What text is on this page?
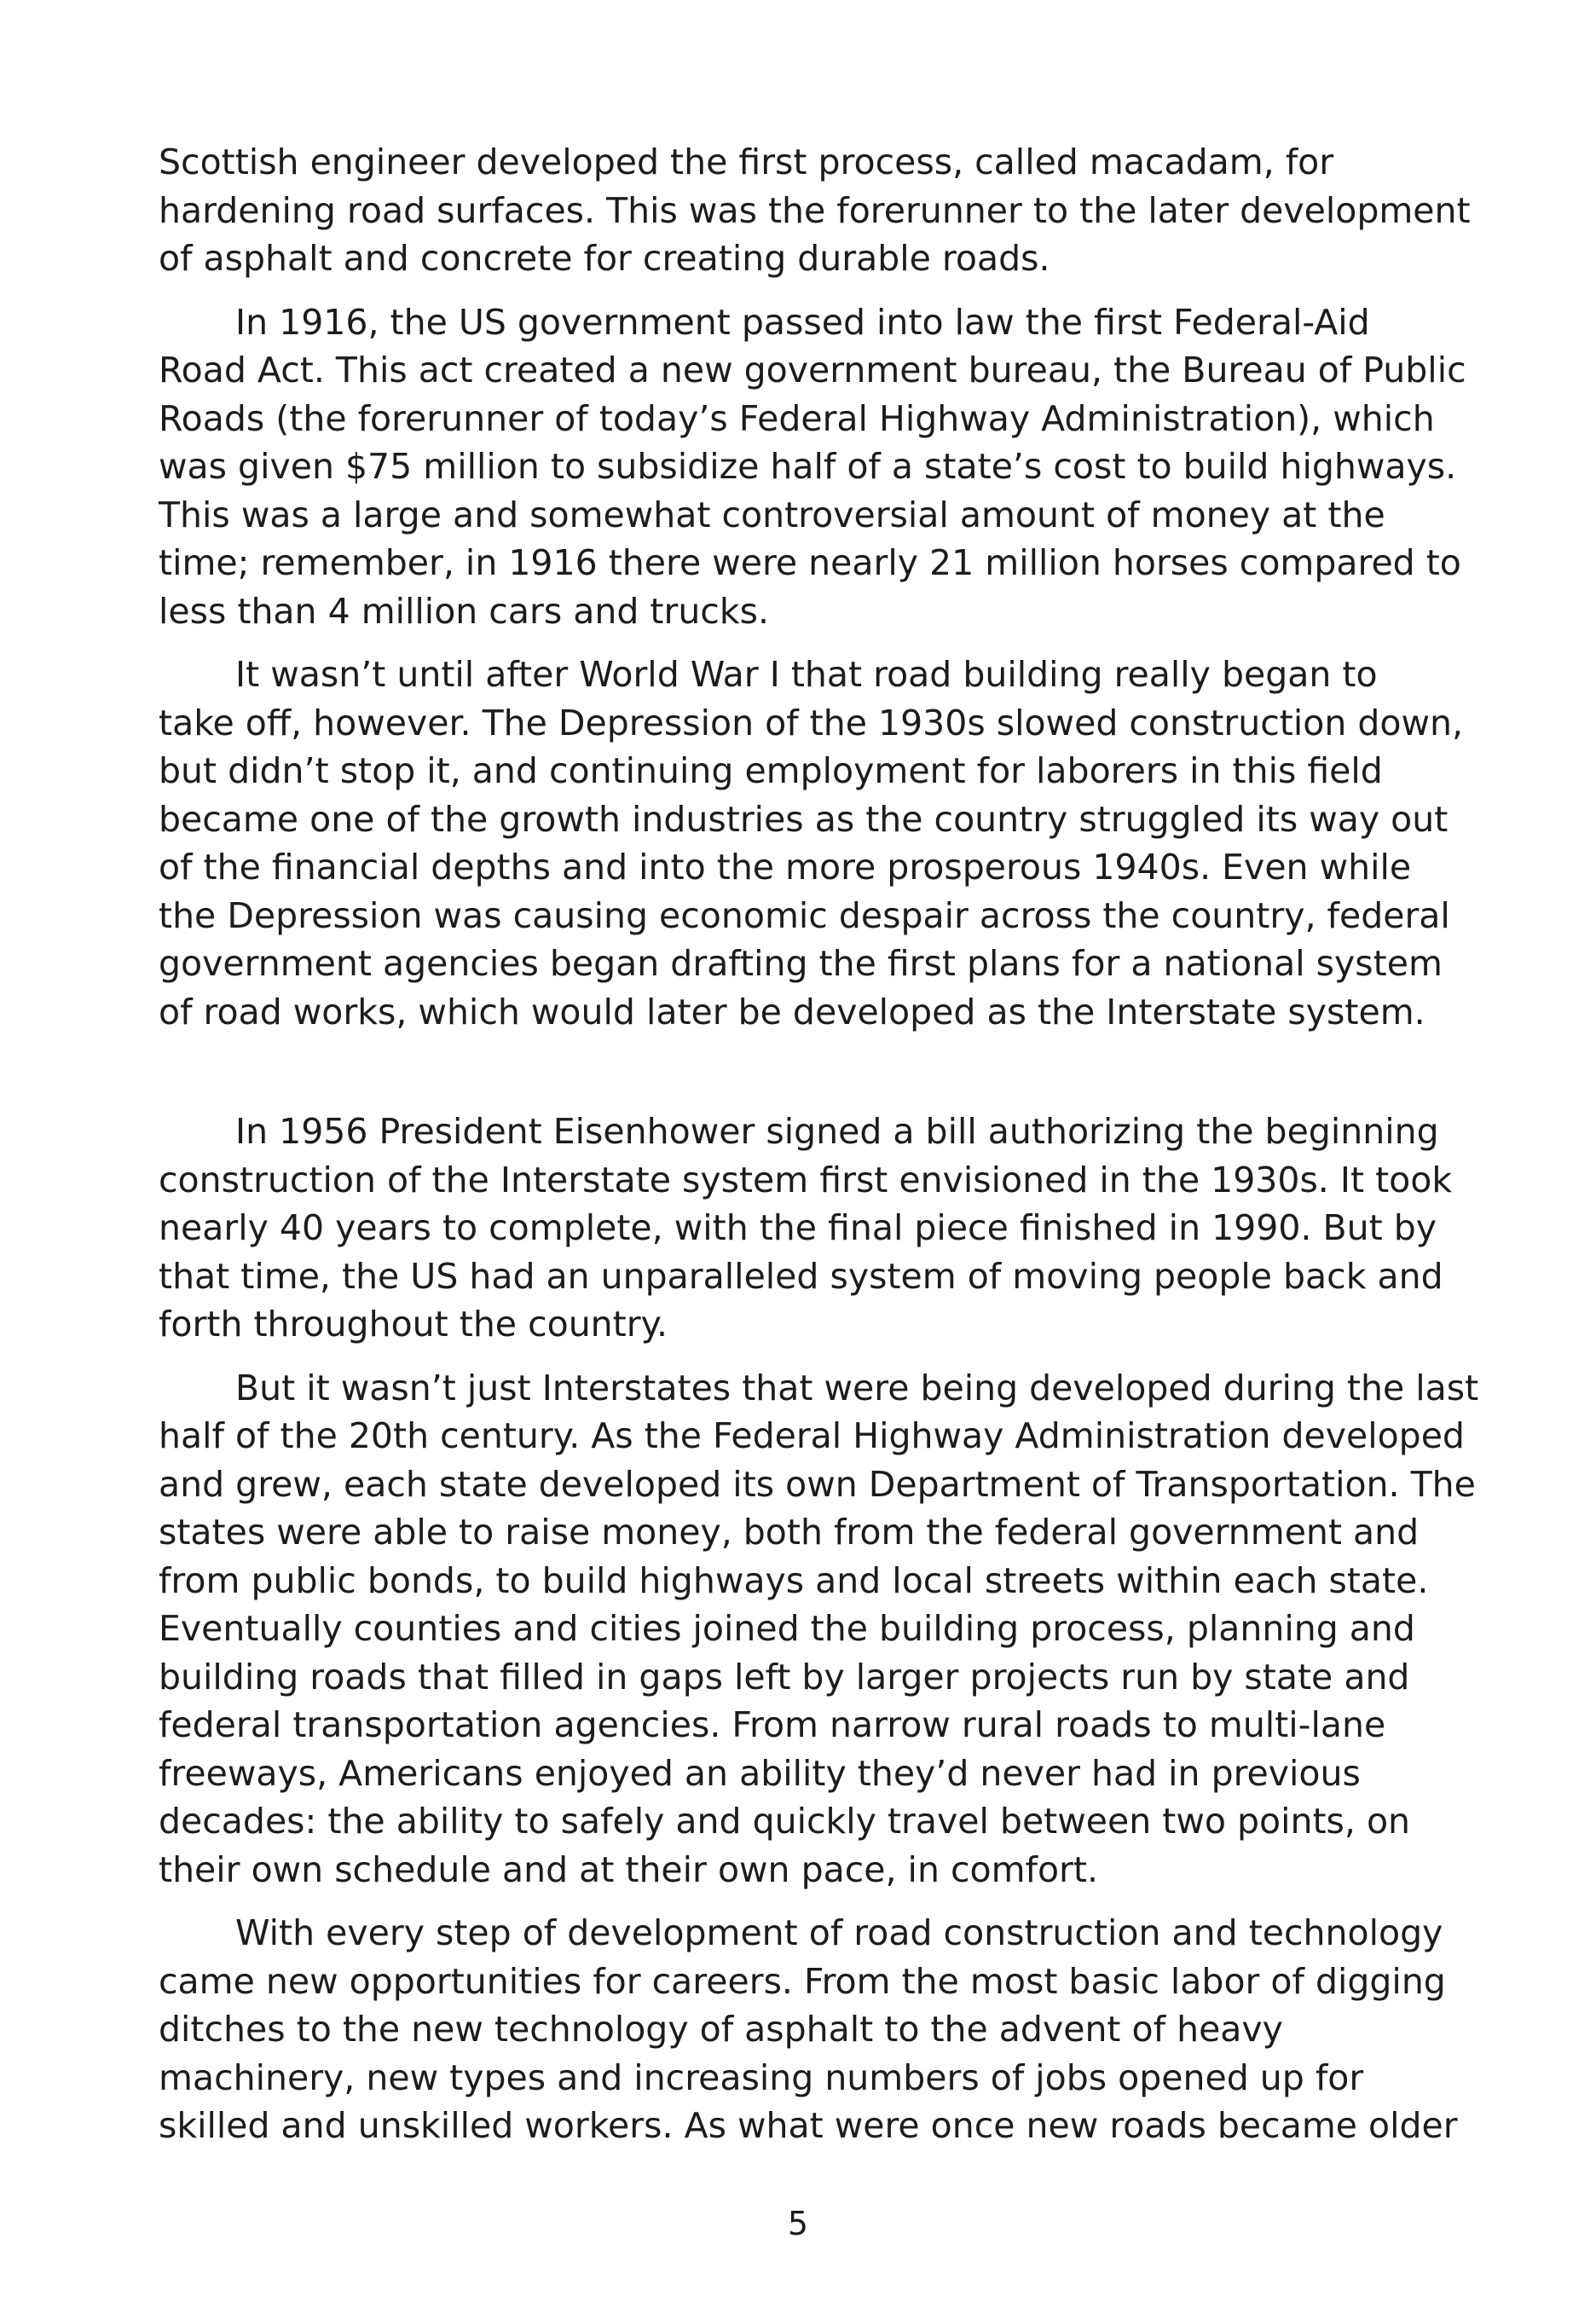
Scottish engineer developed the first process, called macadam, for
hardening road surfaces. This was the forerunner to the later development
of asphalt and concrete for creating durable roads.

In 1916, the US government passed into law the first Federal-Aid
Road Act. This act created a new government bureau, the Bureau of Public
Roads (the forerunner of today’s Federal Highway Administration), which
was given $75 million to subsidize half of a state’s cost to build highways.
This was a large and somewhat controversial amount of money at the
time; remember, in 1916 there were nearly 21 million horses compared to
less than 4 million cars and trucks.

It wasn’t until after World War I that road building really began to
take off, however. The Depression of the 1930s slowed construction down,
but didn’t stop it, and continuing employment for laborers in this field
became one of the growth industries as the country struggled its way out
of the financial depths and into the more prosperous 1940s. Even while
the Depression was causing economic despair across the country, federal
government agencies began drafting the first plans for a national system
of road works, which would later be developed as the Interstate system.

In 1956 President Eisenhower signed a bill authorizing the beginning
construction of the Interstate system first envisioned in the 1930s. It took
nearly 40 years to complete, with the final piece finished in 1990. But by
that time, the US had an unparalleled system of moving people back and
forth throughout the country.

But it wasn’t just Interstates that were being developed during the last
half of the 20th century. As the Federal Highway Administration developed
and grew, each state developed its own Department of Transportation. The
states were able to raise money, both from the federal government and
from public bonds, to build highways and local streets within each state.
Eventually counties and cities joined the building process, planning and
building roads that filled in gaps left by larger projects run by state and
federal transportation agencies. From narrow rural roads to multi-lane
freeways, Americans enjoyed an ability they’d never had in previous
decades: the ability to safely and quickly travel between two points, on
their own schedule and at their own pace, in comfort.

With every step of development of road construction and technology
came new opportunities for careers. From the most basic labor of digging
ditches to the new technology of asphalt to the advent of heavy
machinery, new types and increasing numbers of jobs opened up for
skilled and unskilled workers. As what were once new roads became older

5
